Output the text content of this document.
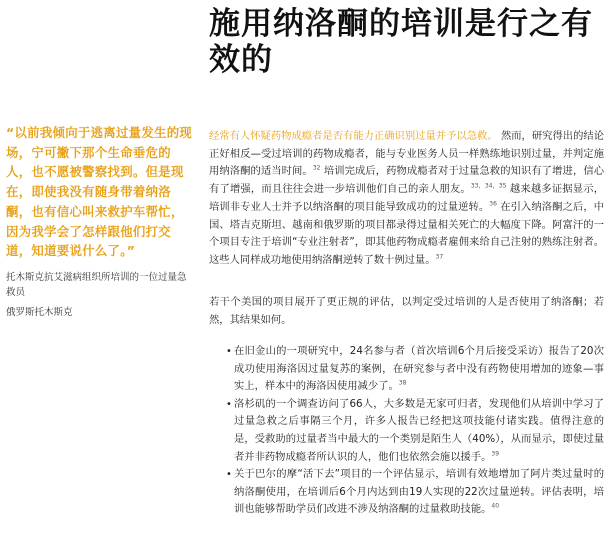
施用纳洛酮的培训是行之有效的

“以前我倾向于逃离过量发生的现场，宁可撇下那个生命垂危的人，也不愿被警察找到。但是现在，即使我没有随身带着纳洛酮，也有信心叫来救护车帮忙，因为我学会了怎样跟他们打交道，知道要说什么了。”

托木斯克抗艾滋病组织所培训的一位过量急救员

俄罗斯托木斯克

经常有人怀疑药物成瘾者是否有能力正确识别过量并予以急救。 然而，研究得出的结论正好相反—受过培训的药物成瘾者，能与专业医务人员一样熟练地识别过量，并判定施用纳洛酮的适当时间。$^{32}$ 培训完成后，药物成瘾者对于过量急救的知识有了增进，信心有了增强，而且往往会进一步培训他们自己的亲人朋友。$^{33,34,35}$ 越来越多证据显示，培训非专业人士并予以纳洛酮的项目能导致成功的过量逆转。$^{36}$ 在引入纳洛酮之后，中国、塔吉克斯坦、越南和俄罗斯的项目都录得过量相关死亡的大幅度下降。阿富汗的一个项目专注于培训“专业注射者”，即其他药物成瘾者雇佣来给自己注射的熟练注射者。这些人同样成功地使用纳洛酮逆转了数十例过量。$^{37}$

若干个美国的项目展开了更正规的评估，以判定受过培训的人是否使用了纳洛酮；若然，其结果如何。

• 在旧金山的一项研究中，24名参与者（首次培训6个月后接受采访）报告了20次成功使用海洛因过量复苏的案例，在研究参与者中没有药物使用增加的迹象—事实上，样本中的海洛因使用减少了。$^{38}$
• 洛杉矶的一个调查访问了66人，大多数是无家可归者，发现他们从培训中学习了过量急救之后事隔三个月，许多人报告已经把这项技能付诸实践。值得注意的是，受救助的过量者当中最大的一个类别是陌生人（40%），从而显示，即使过量者并非药物成瘾者所认识的人，他们也依然会施以援手。$^{39}$
• 关于巴尔的摩“活下去”项目的一个评估显示，培训有效地增加了阿片类过量时的纳洛酮使用，在培训后6个月内达到由19人实现的22次过量逆转。评估表明，培训也能够帮助学员们改进不涉及纳洛酮的过量救助技能。$^{40}$
